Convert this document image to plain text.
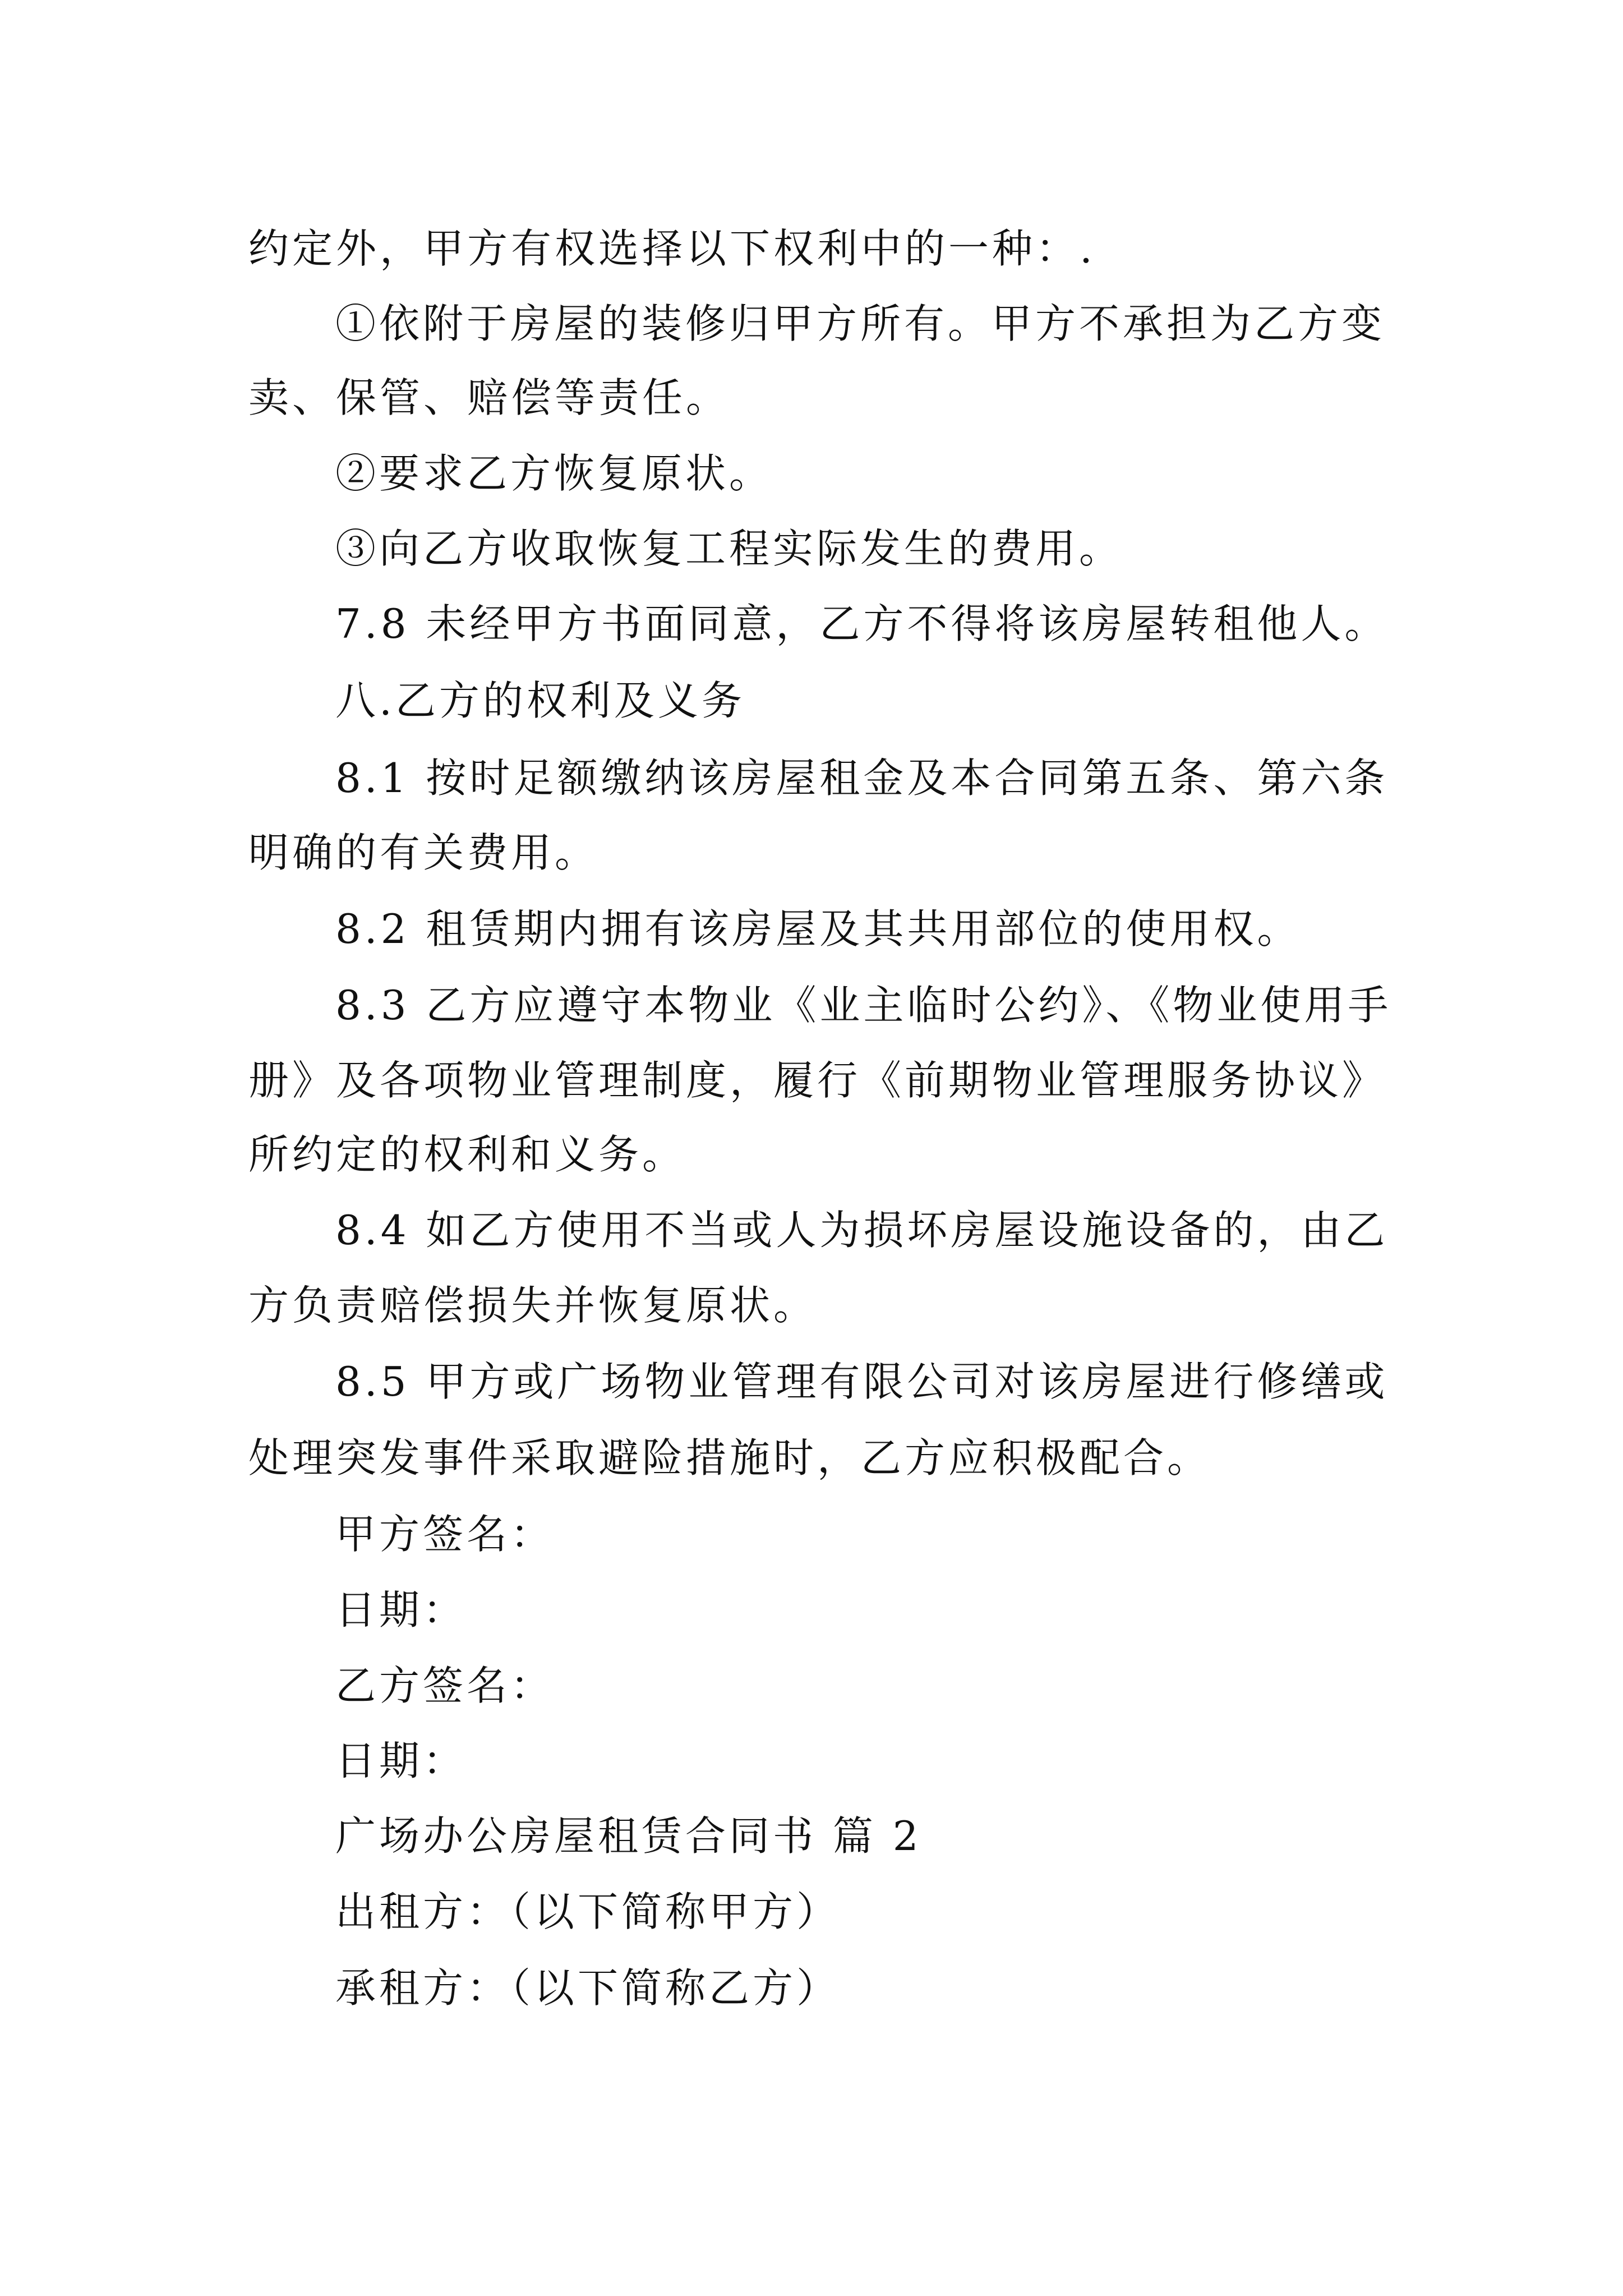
约定外，甲方有权选择以下权利中的一种：.

①依附于房屋的装修归甲方所有。甲方不承担为乙方变

卖、保管、赔偿等责任。

②要求乙方恢复原状。

③向乙方收取恢复工程实际发生的费用。

7.8 未经甲方书面同意，乙方不得将该房屋转租他人。

八.乙方的权利及义务

8.1 按时足额缴纳该房屋租金及本合同第五条、第六条

明确的有关费用。

8.2 租赁期内拥有该房屋及其共用部位的使用权。

8.3 乙方应遵守本物业《业主临时公约》、《物业使用手

册》及各项物业管理制度，履行《前期物业管理服务协议》

所约定的权利和义务。

8.4 如乙方使用不当或人为损坏房屋设施设备的，由乙

方负责赔偿损失并恢复原状。

8.5 甲方或广场物业管理有限公司对该房屋进行修缮或

处理突发事件采取避险措施时，乙方应积极配合。

甲方签名：

日期：

乙方签名：

日期：

广场办公房屋租赁合同书 篇 2

出租方：（以下简称甲方）

承租方：（以下简称乙方）
